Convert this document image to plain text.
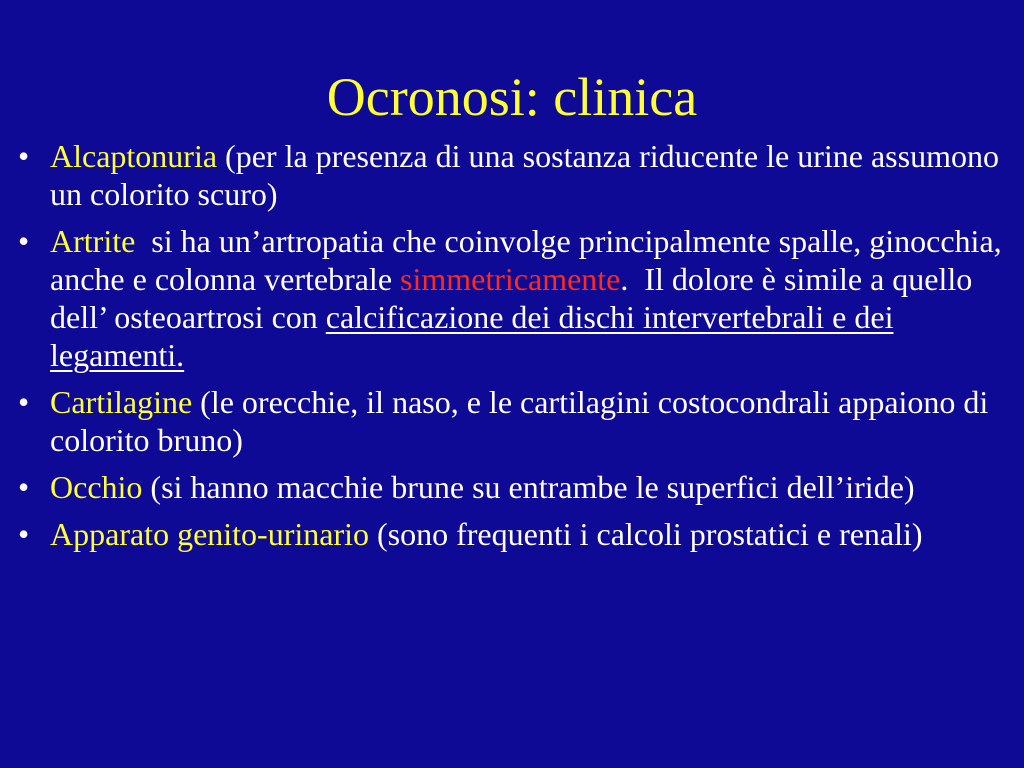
Ocronosi: clinica
• Alcaptonuria (per la presenza di una sostanza riducente le urine assumono un colorito scuro)
• Artrite  si ha un’artropatia che coinvolge principalmente spalle, ginocchia, anche e colonna vertebrale simmetricamente.  Il dolore è simile a quello  dell’ osteoartrosi con calcificazione dei dischi intervertebrali e dei legamenti.
• Cartilagine (le orecchie, il naso, e le cartilagini costocondrali appaiono di colorito bruno)
• Occhio (si hanno macchie brune su entrambe le superfici dell’iride)
• Apparato genito-urinario (sono frequenti i calcoli prostatici e renali)
